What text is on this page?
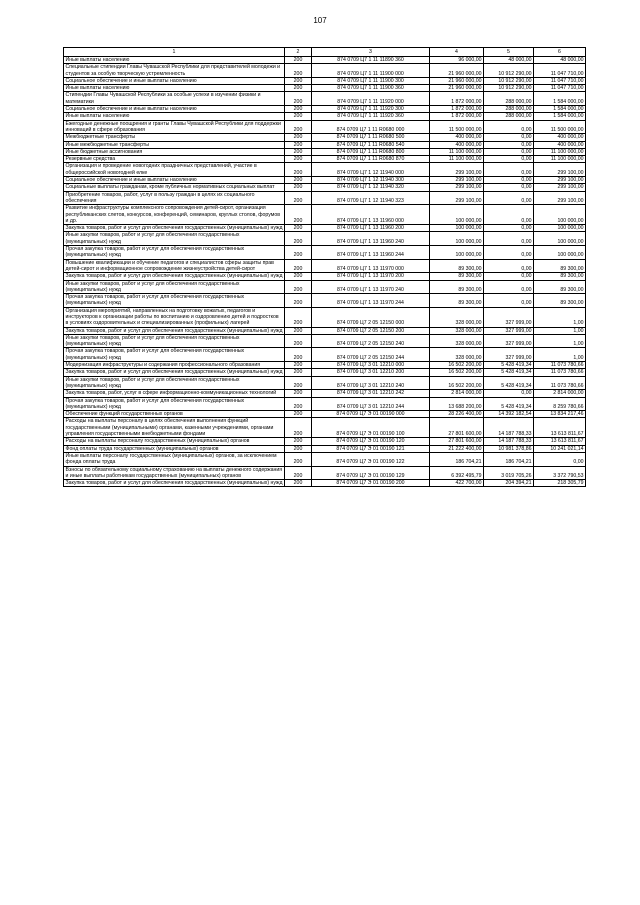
107
1	2	3	4	5	6
Иные выплаты населению	200	874 0709 Ц7 1 11 11890 360	96 000,00	48 000,00	48 000,00
Специальные стипендии Главы Чувашской Республики для представителей молодежи и студентов за особую творческую устремленность	200	874 0709 Ц7 1 11 11900 000	21 960 000,00	10 912 290,00	11 047 710,00
Социальное обеспечение и иные выплаты населению	200	874 0709 Ц7 1 11 11900 300	21 960 000,00	10 912 290,00	11 047 710,00
Иные выплаты населению	200	874 0709 Ц7 1 11 11900 360	21 960 000,00	10 912 290,00	11 047 710,00
Стипендии Главы Чувашской Республики за особые успехи в изучении физики и математики	200	874 0709 Ц7 1 11 11920 000	1 872 000,00	288 000,00	1 584 000,00
Социальное обеспечение и иные выплаты населению	200	874 0709 Ц7 1 11 11920 300	1 872 000,00	288 000,00	1 584 000,00
Иные выплаты населению	200	874 0709 Ц7 1 11 11920 360	1 872 000,00	288 000,00	1 584 000,00
Ежегодные денежные поощрения и гранты Главы Чувашской Республики для поддержки инноваций в сфере образования	200	874 0709 Ц7 1 11 R0680 000	11 500 000,00	0,00	11 500 000,00
Межбюджетные трансферты	200	874 0709 Ц7 1 11 R0680 500	400 000,00	0,00	400 000,00
Иные межбюджетные трансферты	200	874 0709 Ц7 1 11 R0680 540	400 000,00	0,00	400 000,00
Иные бюджетные ассигнования	200	874 0709 Ц7 1 11 R0680 800	11 100 000,00	0,00	11 100 000,00
Резервные средства	200	874 0709 Ц7 1 11 R0680 870	11 100 000,00	0,00	11 100 000,00
Организация и проведение новогодних праздничных представлений, участие в общероссийской новогодней елке	200	874 0709 Ц7 1 12 11940 000	299 100,00	0,00	299 100,00
Социальное обеспечение и иные выплаты населению	200	874 0709 Ц7 1 12 11940 300	299 100,00	0,00	299 100,00
Социальные выплаты гражданам, кроме публичных нормативных социальных выплат	200	874 0709 Ц7 1 12 11940 320	299 100,00	0,00	299 100,00
Приобретение товаров, работ, услуг в пользу граждан в целях их социального обеспечения	200	874 0709 Ц7 1 12 11940 323	299 100,00	0,00	299 100,00
Развитие инфраструктуры комплексного сопровождения детей-сирот, организация республиканских слетов, конкурсов, конференций, семинаров, круглых столов, форумов и др.	200	874 0709 Ц7 1 13 11960 000	100 000,00	0,00	100 000,00
Закупка товаров, работ и услуг для обеспечения государственных (муниципальных) нужд	200	874 0709 Ц7 1 13 11960 200	100 000,00	0,00	100 000,00
Иные закупки товаров, работ и услуг для обеспечения государственных (муниципальных) нужд	200	874 0709 Ц7 1 13 11960 240	100 000,00	0,00	100 000,00
Прочая закупка товаров, работ и услуг для обеспечения государственных (муниципальных) нужд	200	874 0709 Ц7 1 13 11960 244	100 000,00	0,00	100 000,00
Повышение квалификации и обучение педагогов и специалистов сферы защиты прав детей-сирот и информационное сопровождение жизнеустройства детей-сирот	200	874 0709 Ц7 1 13 11970 000	89 300,00	0,00	89 300,00
Закупка товаров, работ и услуг для обеспечения государственных (муниципальных) нужд	200	874 0709 Ц7 1 13 11970 200	89 300,00	0,00	89 300,00
Иные закупки товаров, работ и услуг для обеспечения государственных (муниципальных) нужд	200	874 0709 Ц7 1 13 11970 240	89 300,00	0,00	89 300,00
Прочая закупка товаров, работ и услуг для обеспечения государственных (муниципальных) нужд	200	874 0709 Ц7 1 13 11970 244	89 300,00	0,00	89 300,00
Организация мероприятий, направленных на подготовку вожатых, педагогов и инструкторов к организации работы по воспитанию и оздоровлению детей и подростков в условиях оздоровительных и специализированных (профильных) лагерей	200	874 0709 Ц7 2 05 12150 000	328 000,00	327 999,00	1,00
Закупка товаров, работ и услуг для обеспечения государственных (муниципальных) нужд	200	874 0709 Ц7 2 05 12150 200	328 000,00	327 999,00	1,00
Иные закупки товаров, работ и услуг для обеспечения государственных (муниципальных) нужд	200	874 0709 Ц7 2 05 12150 240	328 000,00	327 999,00	1,00
Прочая закупка товаров, работ и услуг для обеспечения государственных (муниципальных) нужд	200	874 0709 Ц7 2 05 12150 244	328 000,00	327 999,00	1,00
Модернизация инфраструктуры и содержания профессионального образования	200	874 0709 Ц7 3 01 12210 000	16 502 200,00	5 428 419,34	11 073 780,66
Закупка товаров, работ и услуг для обеспечения государственных (муниципальных) нужд	200	874 0709 Ц7 3 01 12210 200	16 502 200,00	5 428 419,34	11 073 780,66
Иные закупки товаров, работ и услуг для обеспечения государственных (муниципальных) нужд	200	874 0709 Ц7 3 01 12210 240	16 502 200,00	5 428 419,34	11 073 780,66
Закупка товаров, работ, услуг в сфере информационно-коммуникационных технологий	200	874 0709 Ц7 3 01 12210 242	2 814 000,00	0,00	2 814 000,00
Прочая закупка товаров, работ и услуг для обеспечения государственных (муниципальных) нужд	200	874 0709 Ц7 3 01 12210 244	13 688 200,00	5 428 419,34	8 259 780,66
Обеспечение функций государственных органов	200	874 0709 Ц7 Э 01 00190 000	28 226 400,00	14 392 182,54	13 834 217,46
Расходы на выплаты персоналу в целях обеспечения выполнения функций государственными (муниципальными) органами, казенными учреждениями, органами управления государственными внебюджетными фондами	200	874 0709 Ц7 Э 01 00190 100	27 801 600,00	14 187 788,33	13 613 811,67
Расходы на выплаты персоналу государственных (муниципальных) органов	200	874 0709 Ц7 Э 01 00190 120	27 801 600,00	14 187 788,33	13 613 811,67
Фонд оплаты труда государственных (муниципальных) органов	200	874 0709 Ц7 Э 01 00190 121	21 222 400,00	10 981 378,86	10 241 021,14
Иные выплаты персоналу государственных (муниципальных) органов, за исключением фонда оплаты труда	200	874 0709 Ц7 Э 01 00190 122	186 704,21	186 704,21	0,00
Взносы по обязательному социальному страхованию на выплаты денежного содержания и иные выплаты работникам государственных (муниципальных) органов	200	874 0709 Ц7 Э 01 00190 129	6 392 495,79	3 019 705,26	3 372 790,53
Закупка товаров, работ и услуг для обеспечения государственных (муниципальных) нужд	200	874 0709 Ц7 Э 01 00190 200	422 700,00	204 394,21	218 305,79
